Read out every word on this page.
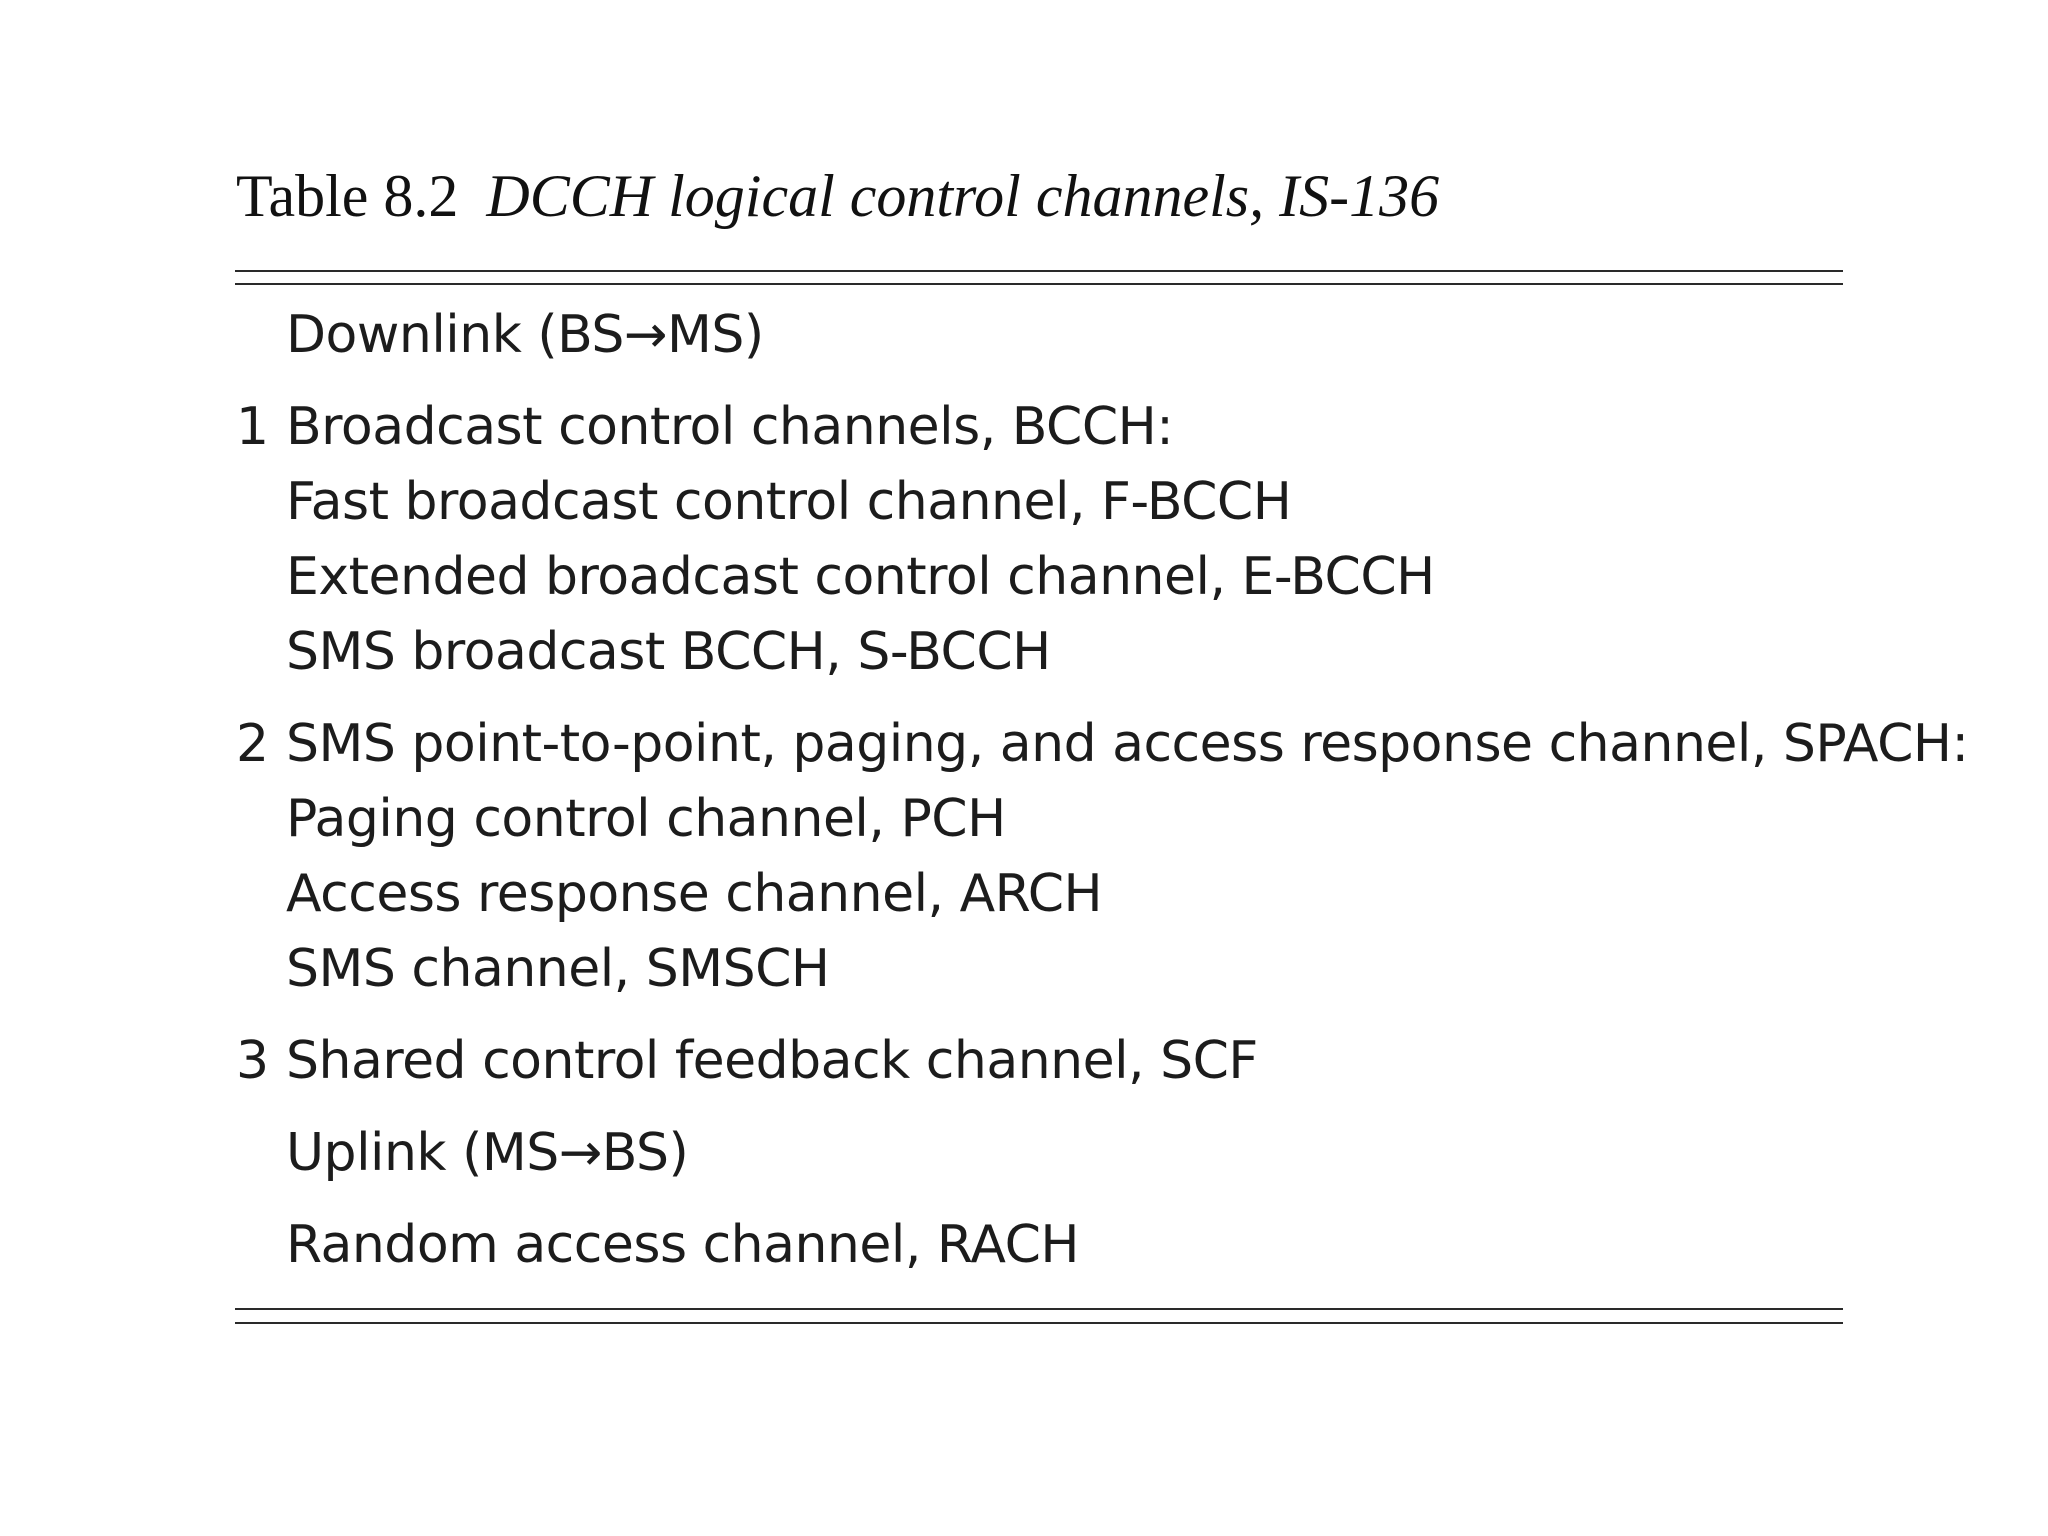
Table 8.2 DCCH logical control channels, IS-136
Downlink (BS→MS)
1 Broadcast control channels, BCCH:
Fast broadcast control channel, F-BCCH
Extended broadcast control channel, E-BCCH
SMS broadcast BCCH, S-BCCH
2 SMS point-to-point, paging, and access response channel, SPACH:
Paging control channel, PCH
Access response channel, ARCH
SMS channel, SMSCH
3 Shared control feedback channel, SCF
Uplink (MS→BS)
Random access channel, RACH
